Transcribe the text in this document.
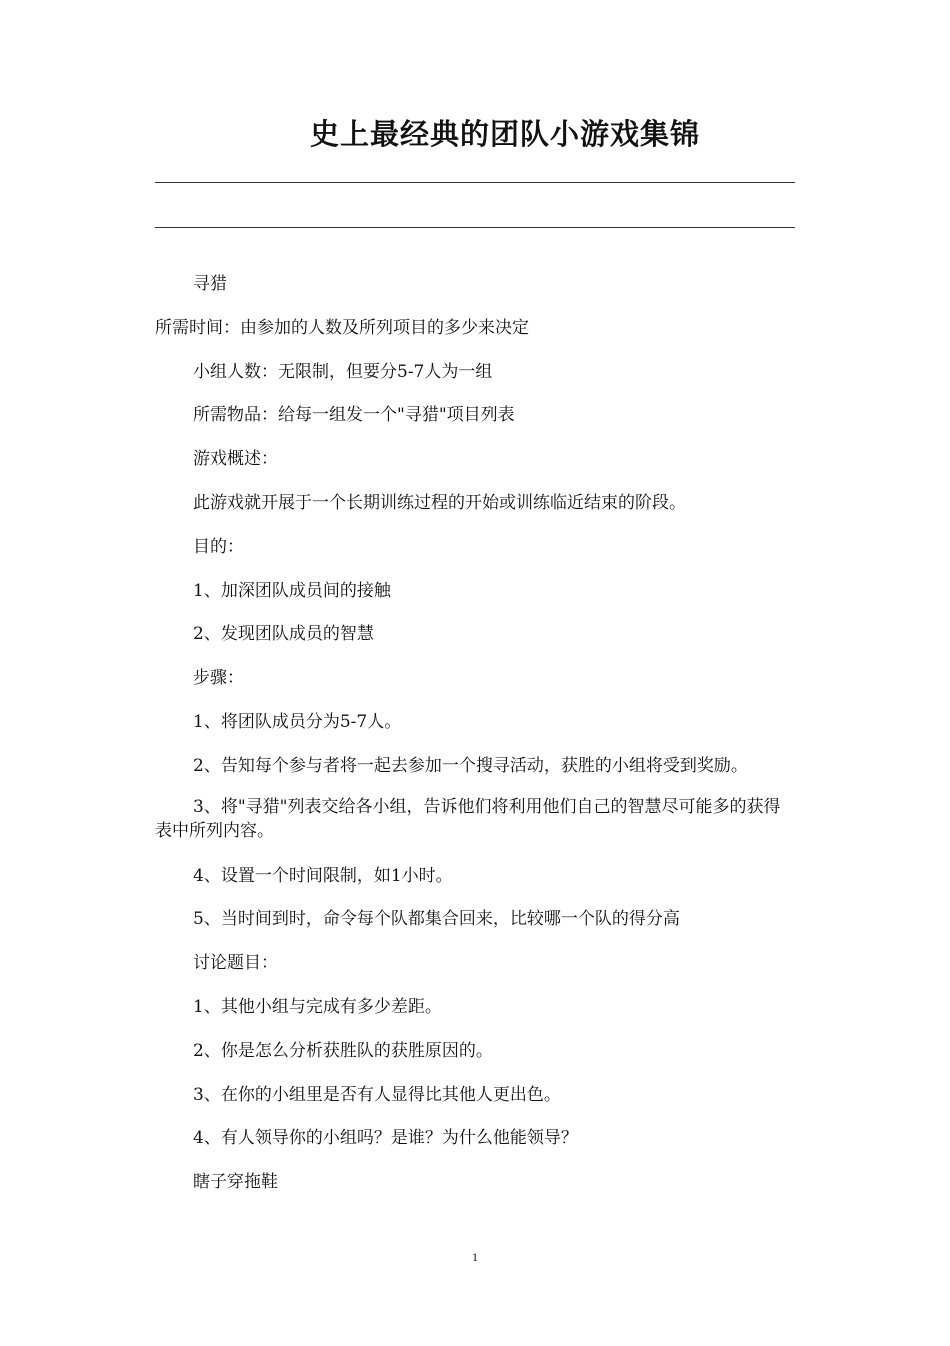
史上最经典的团队小游戏集锦

寻猎

所需时间：由参加的人数及所列项目的多少来决定

小组人数：无限制，但要分5-7人为一组

所需物品：给每一组发一个"寻猎"项目列表

游戏概述：

此游戏就开展于一个长期训练过程的开始或训练临近结束的阶段。

目的：

1、加深团队成员间的接触

2、发现团队成员的智慧

步骤：

1、将团队成员分为5-7人。

2、告知每个参与者将一起去参加一个搜寻活动，获胜的小组将受到奖励。

3、将"寻猎"列表交给各小组，告诉他们将利用他们自己的智慧尽可能多的获得表中所列内容。

4、设置一个时间限制，如1小时。

5、当时间到时，命令每个队都集合回来，比较哪一个队的得分高

讨论题目：

1、其他小组与完成有多少差距。

2、你是怎么分析获胜队的获胜原因的。

3、在你的小组里是否有人显得比其他人更出色。

4、有人领导你的小组吗？是谁？为什么他能领导？

瞎子穿拖鞋

1
